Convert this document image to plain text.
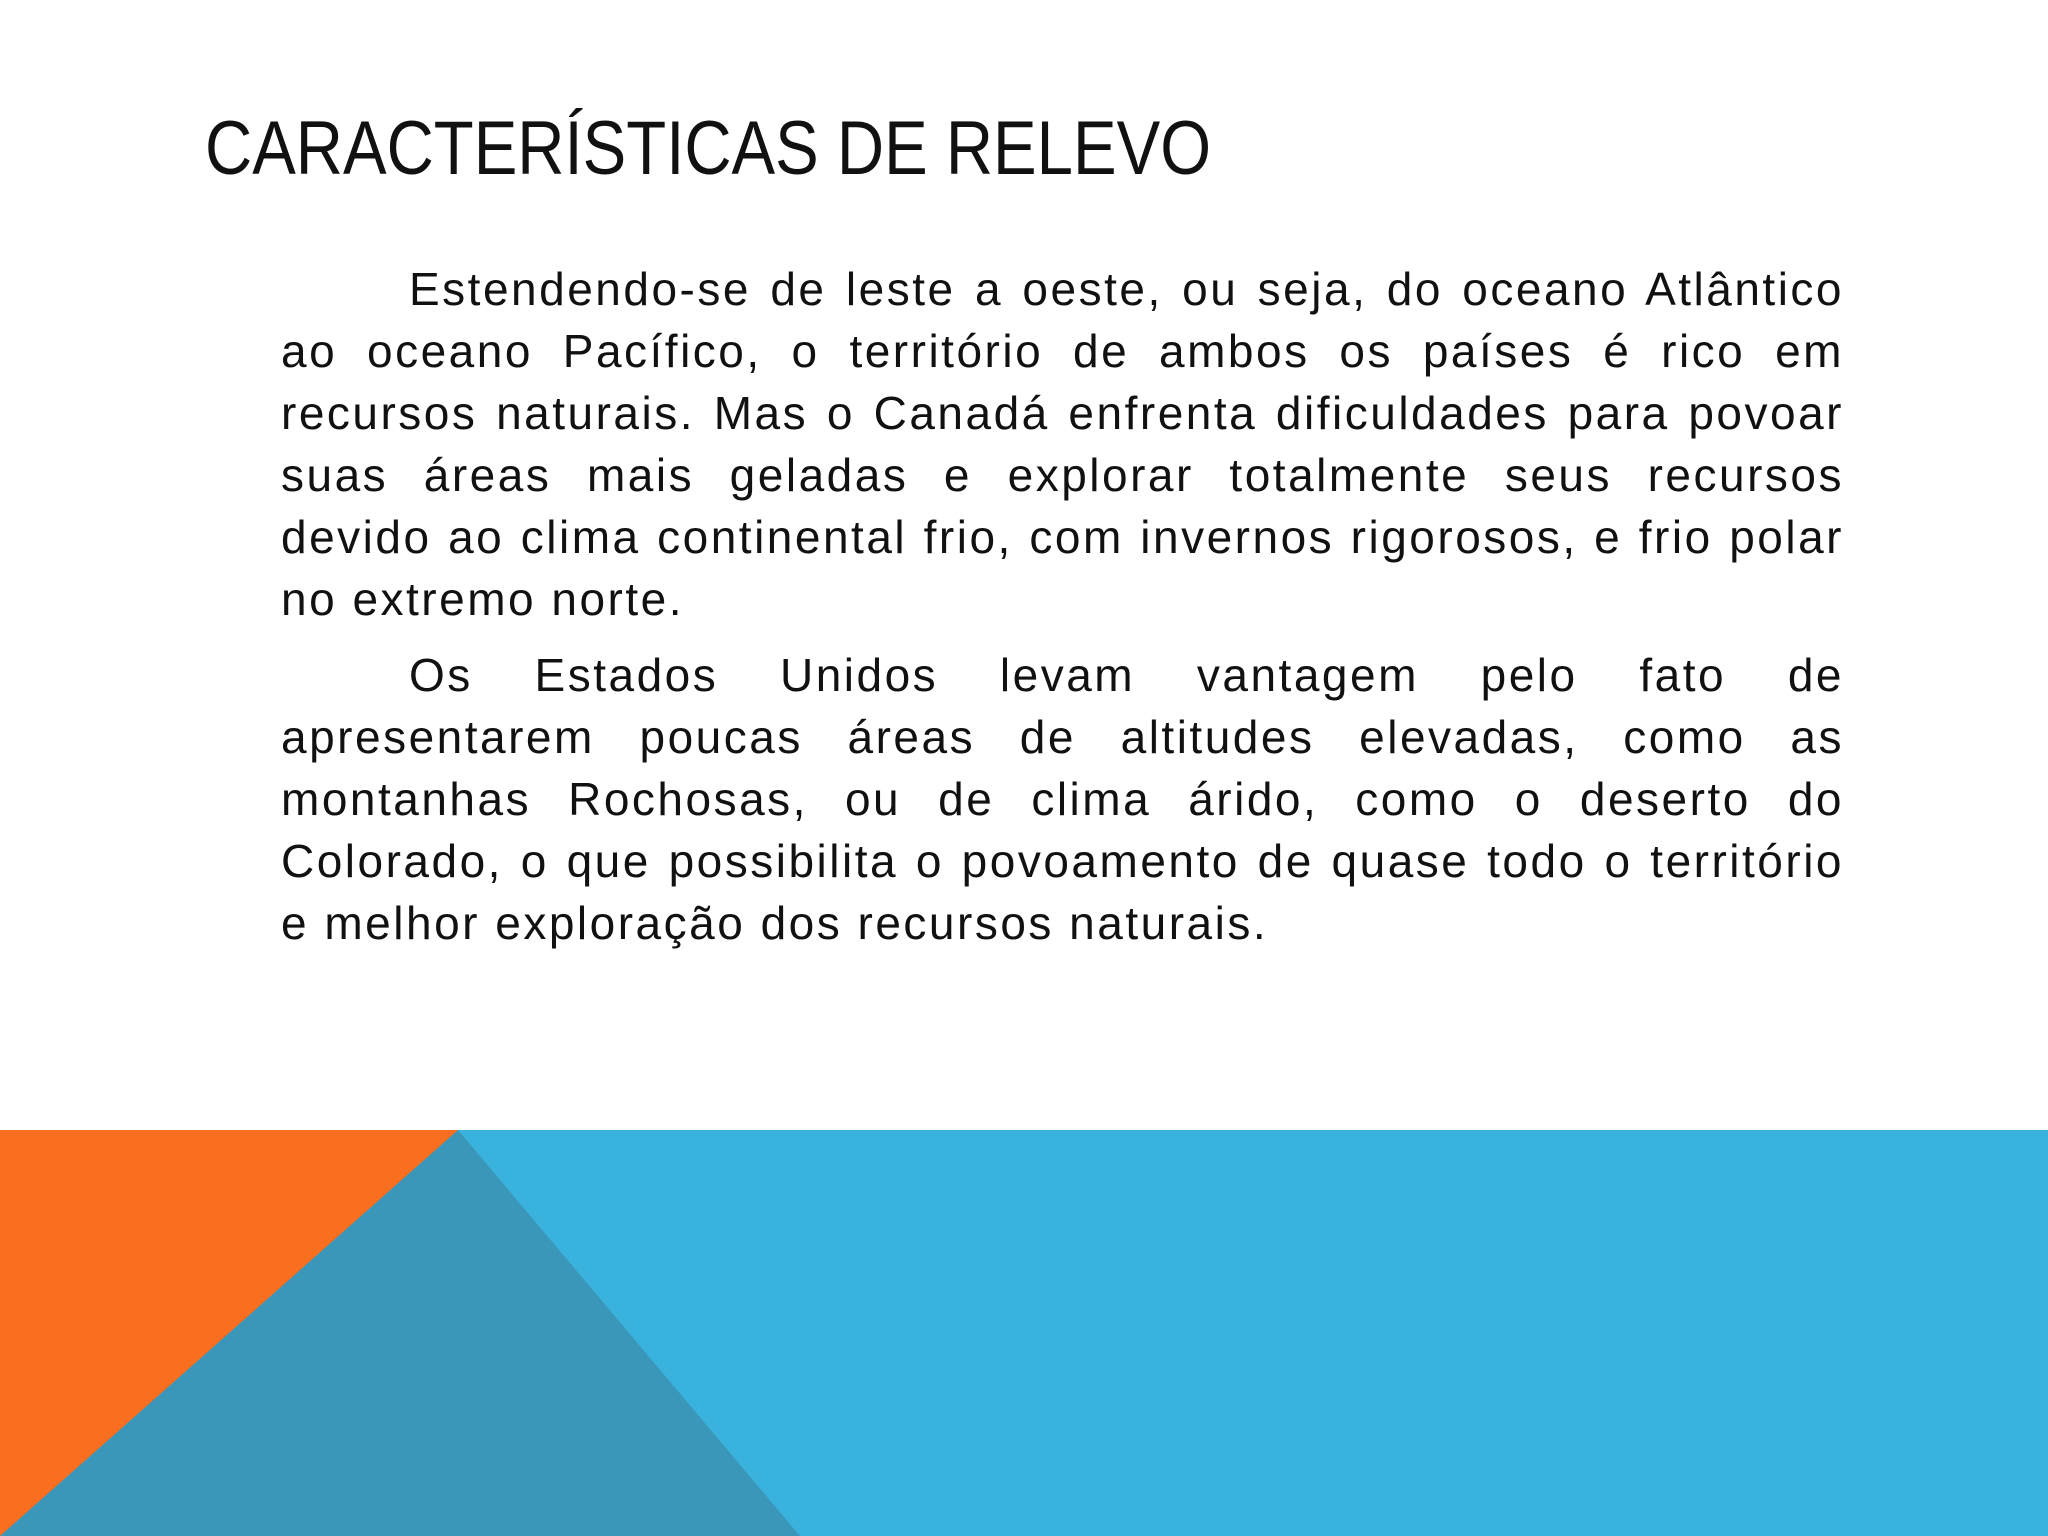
CARACTERÍSTICAS DE RELEVO

Estendendo-se de leste a oeste, ou seja, do oceano Atlântico ao oceano Pacífico, o território de ambos os países é rico em recursos naturais. Mas o Canadá enfrenta dificuldades para povoar suas áreas mais geladas e explorar totalmente seus recursos devido ao clima continental frio, com invernos rigorosos, e frio polar no extremo norte.

Os Estados Unidos levam vantagem pelo fato de apresentarem poucas áreas de altitudes elevadas, como as montanhas Rochosas, ou de clima árido, como o deserto do Colorado, o que possibilita o povoamento de quase todo o território e melhor exploração dos recursos naturais.
